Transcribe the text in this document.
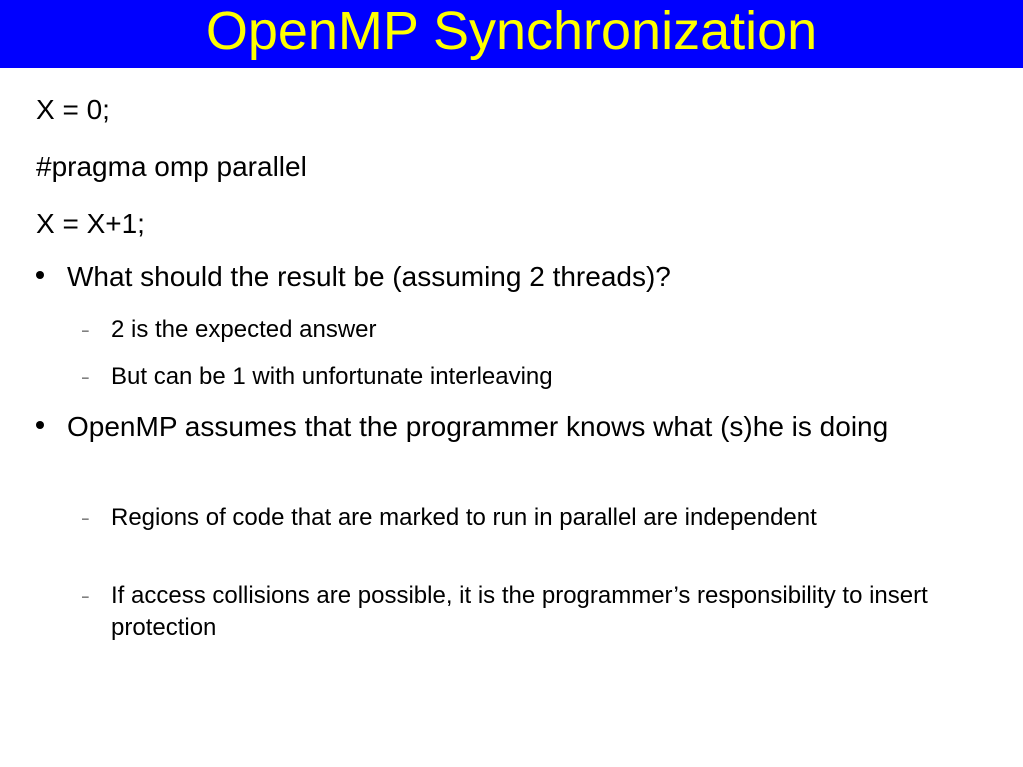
OpenMP Synchronization
X = 0;
#pragma omp parallel
X = X+1;
What should the result be (assuming 2 threads)?
– 2 is the expected answer
– But can be 1 with unfortunate interleaving
OpenMP assumes that the programmer knows what (s)he is doing
– Regions of code that are marked to run in parallel are independent
– If access collisions are possible, it is the programmer’s responsibility to insert protection
